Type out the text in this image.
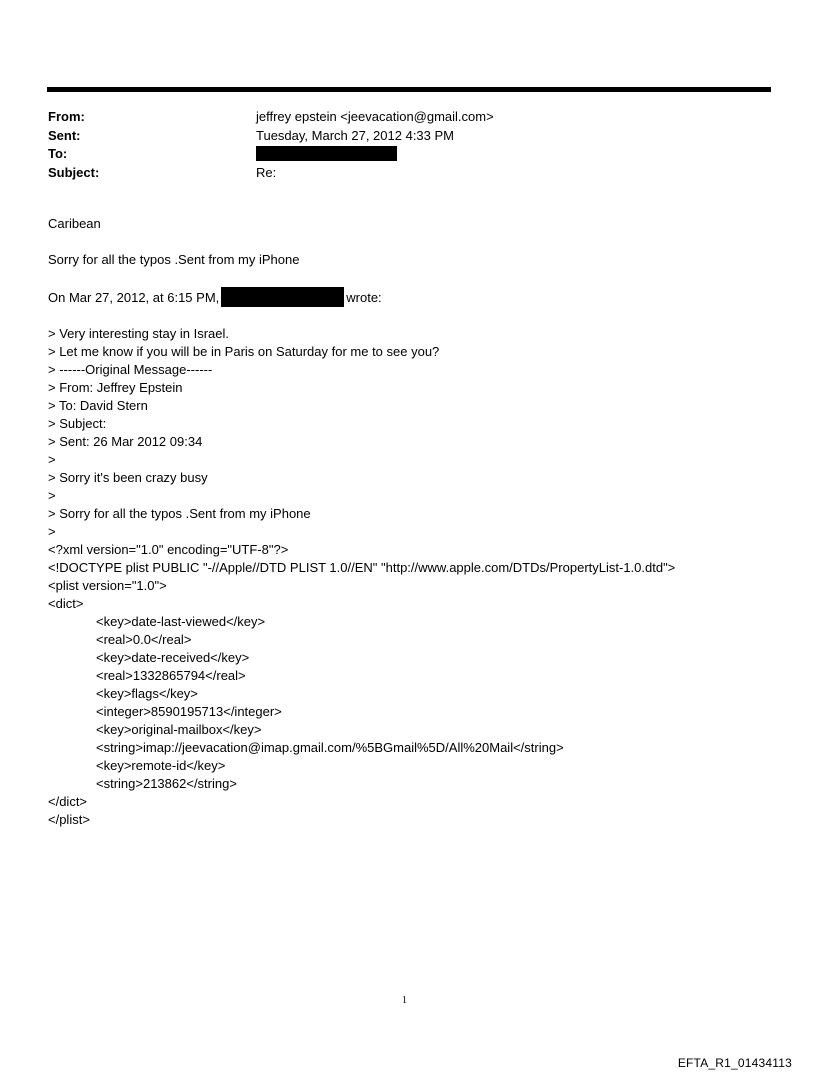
From:	jeffrey epstein <jeevacation@gmail.com>
Sent:	Tuesday, March 27, 2012 4:33 PM
To:
Subject:	Re:

Caribean

Sorry for all the typos .Sent from my iPhone

On Mar 27, 2012, at 6:15 PM,	wrote:

> Very interesting stay in Israel.

> Let me know if you will be in Paris on Saturday for me to see you?

> ------Original Message------

> From: Jeffrey Epstein

> To: David Stern

> Subject:

> Sent: 26 Mar 2012 09:34

>

> Sorry it's been crazy busy

>

> Sorry for all the typos .Sent from my iPhone

>

<?xml version="1.0" encoding="UTF-8"?>

<!DOCTYPE plist PUBLIC "-//Apple//DTD PLIST 1.0//EN" "http://www.apple.com/DTDs/PropertyList-1.0.dtd">

<plist version="1.0">

<dict>

<key>date-last-viewed</key>

<real>0.0</real>

<key>date-received</key>

<real>1332865794</real>

<key>flags</key>

<integer>8590195713</integer>

<key>original-mailbox</key>

<string>imap://jeevacation@imap.gmail.com/%5BGmail%5D/All%20Mail</string>

<key>remote-id</key>

<string>213862</string>

</dict>

</plist>

1
EFTA_R1_01434113
